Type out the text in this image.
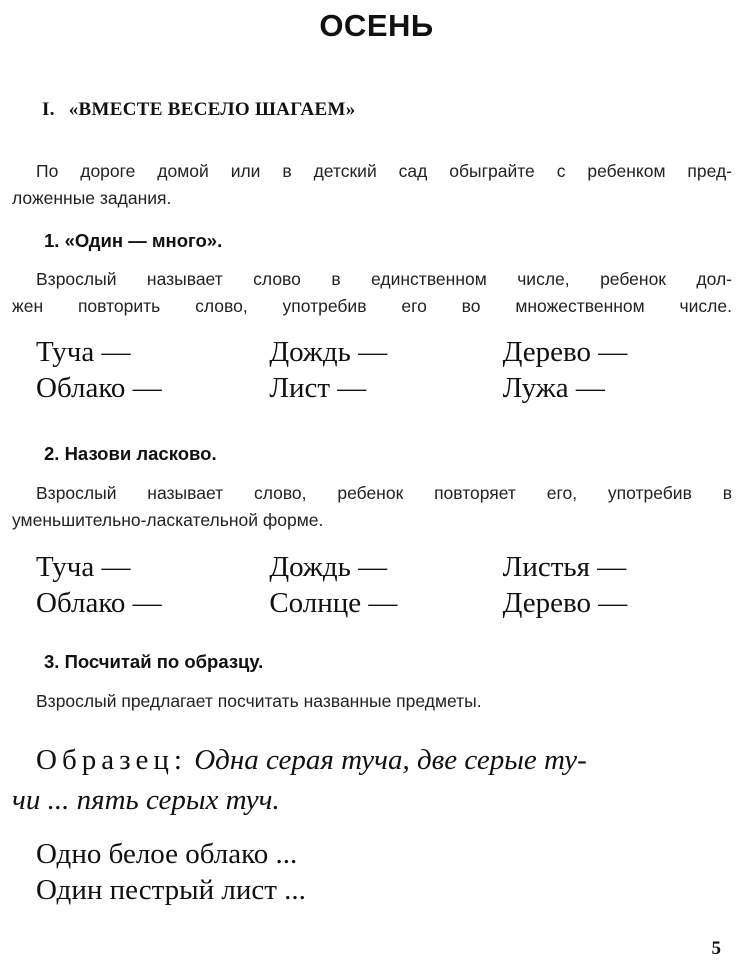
ОСЕНЬ
I. «ВМЕСТЕ ВЕСЕЛО ШАГАЕМ»
По дороге домой или в детский сад обыграйте с ребенком пред-
ложенные задания.
1. «Один — много».
Взрослый называет слово в единственном числе, ребенок дол-
жен повторить слово, употребив его во множественном числе.
Туча —	Дождь —	Дерево —
Облако —	Лист —	Лужа —
2. Назови ласково.
Взрослый называет слово, ребенок повторяет его, употребив в
уменьшительно-ласкательной форме.
Туча —	Дождь —	Листья —
Облако —	Солнце —	Дерево —
3. Посчитай по образцу.
Взрослый предлагает посчитать названные предметы.
Образец: Одна серая туча, две серые ту-
чи ... пять серых туч.
Одно белое облако ...
Один пестрый лист ...
5
